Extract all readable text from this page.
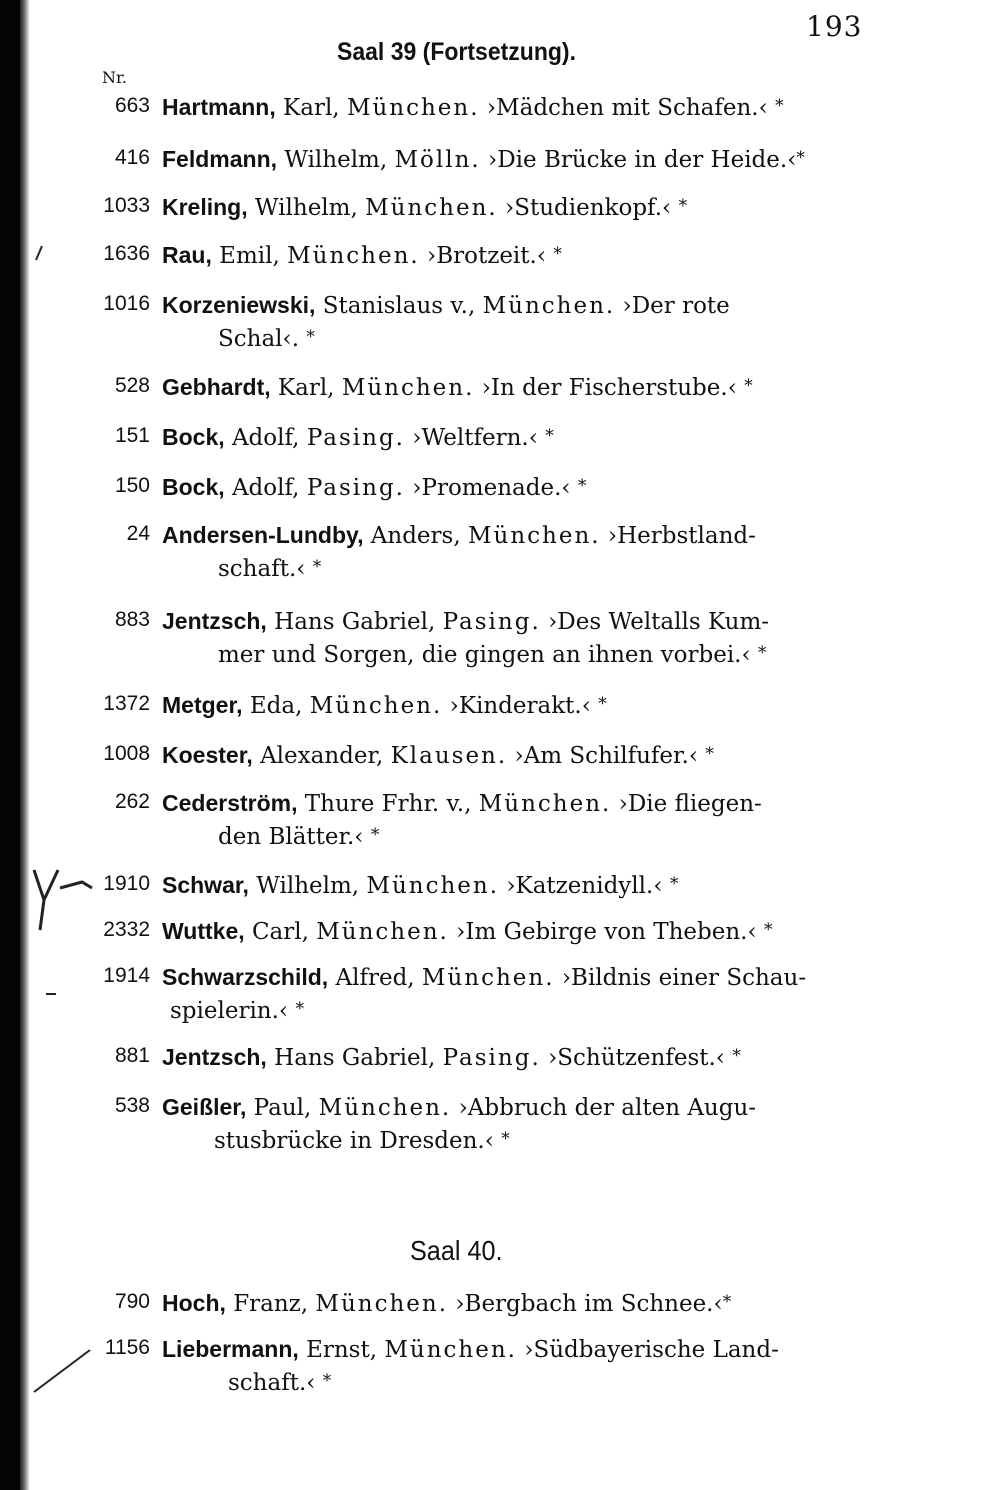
193
Saal 39 (Fortsetzung).
Nr.
663 Hartmann, Karl, München. ›Mädchen mit Schafen.‹ *
416 Feldmann, Wilhelm, Mölln. ›Die Brücke in der Heide.‹*
1033 Kreling, Wilhelm, München. ›Studienkopf.‹ *
1636 Rau, Emil, München. ›Brotzeit.‹ *
1016 Korzeniewski, Stanislaus v., München. ›Der rote
Schal‹. *
528 Gebhardt, Karl, München. ›In der Fischerstube.‹ *
151 Bock, Adolf, Pasing. ›Weltfern.‹ *
150 Bock, Adolf, Pasing. ›Promenade.‹ *
24 Andersen-Lundby, Anders, München. ›Herbstland-
schaft.‹ *
883 Jentzsch, Hans Gabriel, Pasing. ›Des Weltalls Kum-
mer und Sorgen, die gingen an ihnen vorbei.‹ *
1372 Metger, Eda, München. ›Kinderakt.‹ *
1008 Koester, Alexander, Klausen. ›Am Schilfufer.‹ *
262 Cederström, Thure Frhr. v., München. ›Die fliegen-
den Blätter.‹ *
1910 Schwar, Wilhelm, München. ›Katzenidyll.‹ *
2332 Wuttke, Carl, München. ›Im Gebirge von Theben.‹ *
1914 Schwarzschild, Alfred, München. ›Bildnis einer Schau-
spielerin.‹ *
881 Jentzsch, Hans Gabriel, Pasing. ›Schützenfest.‹ *
538 Geißler, Paul, München. ›Abbruch der alten Augu-
stusbrücke in Dresden.‹ *
Saal 40.
790 Hoch, Franz, München. ›Bergbach im Schnee.‹*
1156 Liebermann, Ernst, München. ›Südbayerische Land-
schaft.‹ *
